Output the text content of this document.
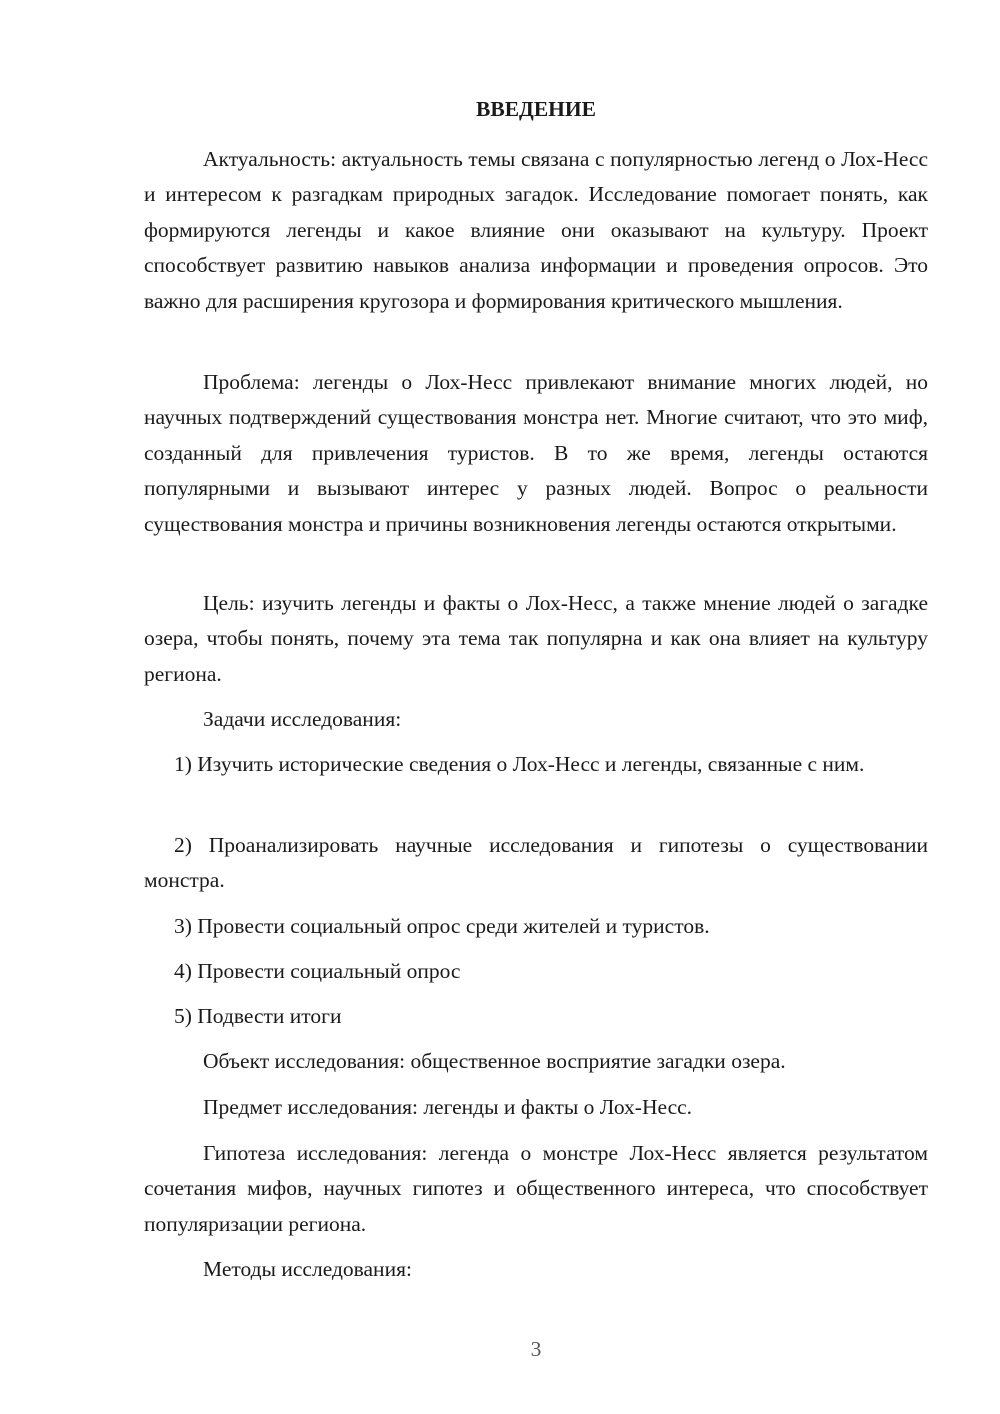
ВВЕДЕНИЕ

Актуальность: актуальность темы связана с популярностью легенд о Лох-Несс и интересом к разгадкам природных загадок. Исследование помогает понять, как формируются легенды и какое влияние они оказывают на культуру. Проект способствует развитию навыков анализа информации и проведения опросов. Это важно для расширения кругозора и формирования критического мышления.

Проблема: легенды о Лох-Несс привлекают внимание многих людей, но научных подтверждений существования монстра нет. Многие считают, что это миф, созданный для привлечения туристов. В то же время, легенды остаются популярными и вызывают интерес у разных людей. Вопрос о реальности существования монстра и причины возникновения легенды остаются открытыми.

Цель: изучить легенды и факты о Лох-Несс, а также мнение людей о загадке озера, чтобы понять, почему эта тема так популярна и как она влияет на культуру региона.

Задачи исследования:

1) Изучить исторические сведения о Лох-Несс и легенды, связанные с ним.

2) Проанализировать научные исследования и гипотезы о существовании монстра.

3) Провести социальный опрос среди жителей и туристов.

4) Провести социальный опрос

5) Подвести итоги

Объект исследования: общественное восприятие загадки озера.

Предмет исследования: легенды и факты о Лох-Несс.

Гипотеза исследования: легенда о монстре Лох-Несс является результатом сочетания мифов, научных гипотез и общественного интереса, что способствует популяризации региона.

Методы исследования:

3
